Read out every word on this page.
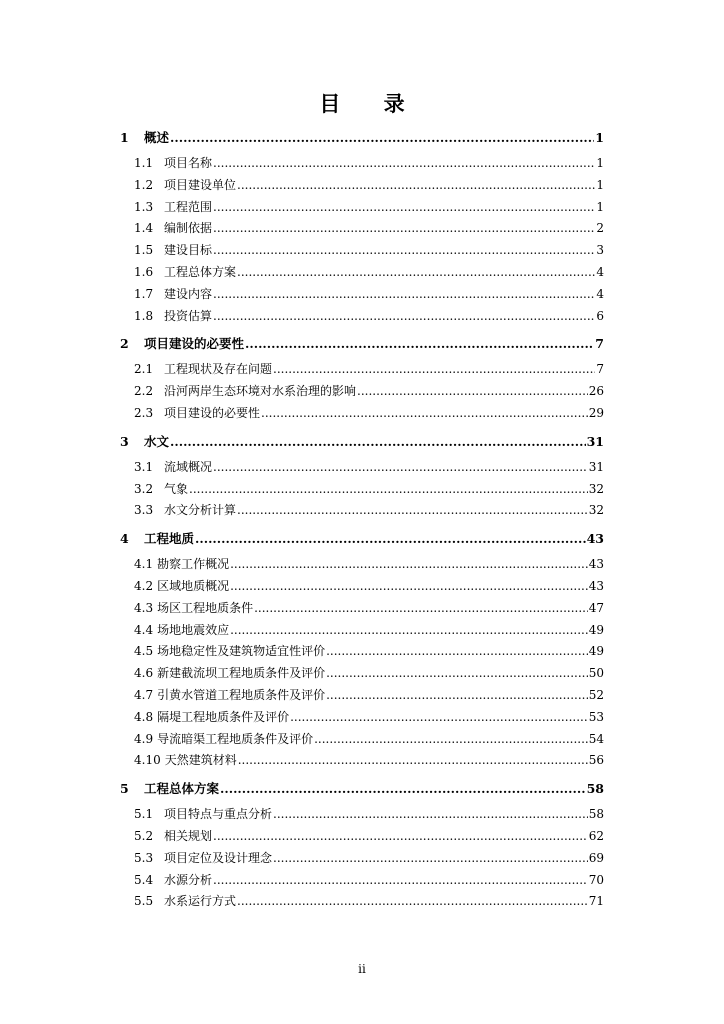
目 录
1 概述 .....	1
1.1 项目名称 .....	1
1.2 项目建设单位 .....	1
1.3 工程范围 .....	1
1.4 编制依据 .....	2
1.5 建设目标 .....	3
1.6 工程总体方案 .....	4
1.7 建设内容 .....	4
1.8 投资估算 .....	6
2 项目建设的必要性 .....	7
2.1 工程现状及存在问题 .....	7
2.2 沿河两岸生态环境对水系治理的影响 .....	26
2.3 项目建设的必要性 .....	29
3 水文 .....	31
3.1 流域概况 .....	31
3.2 气象 .....	32
3.3 水文分析计算 .....	32
4 工程地质 .....	43
4.1 勘察工作概况 .....	43
4.2 区域地质概况 .....	43
4.3 场区工程地质条件 .....	47
4.4 场地地震效应 .....	49
4.5 场地稳定性及建筑物适宜性评价 .....	49
4.6 新建截流坝工程地质条件及评价 .....	50
4.7 引黄水管道工程地质条件及评价 .....	52
4.8 隔堤工程地质条件及评价 .....	53
4.9 导流暗渠工程地质条件及评价 .....	54
4.10 天然建筑材料 .....	56
5 工程总体方案 .....	58
5.1 项目特点与重点分析 .....	58
5.2 相关规划 .....	62
5.3 项目定位及设计理念 .....	69
5.4 水源分析 .....	70
5.5 水系运行方式 .....	71
ii
